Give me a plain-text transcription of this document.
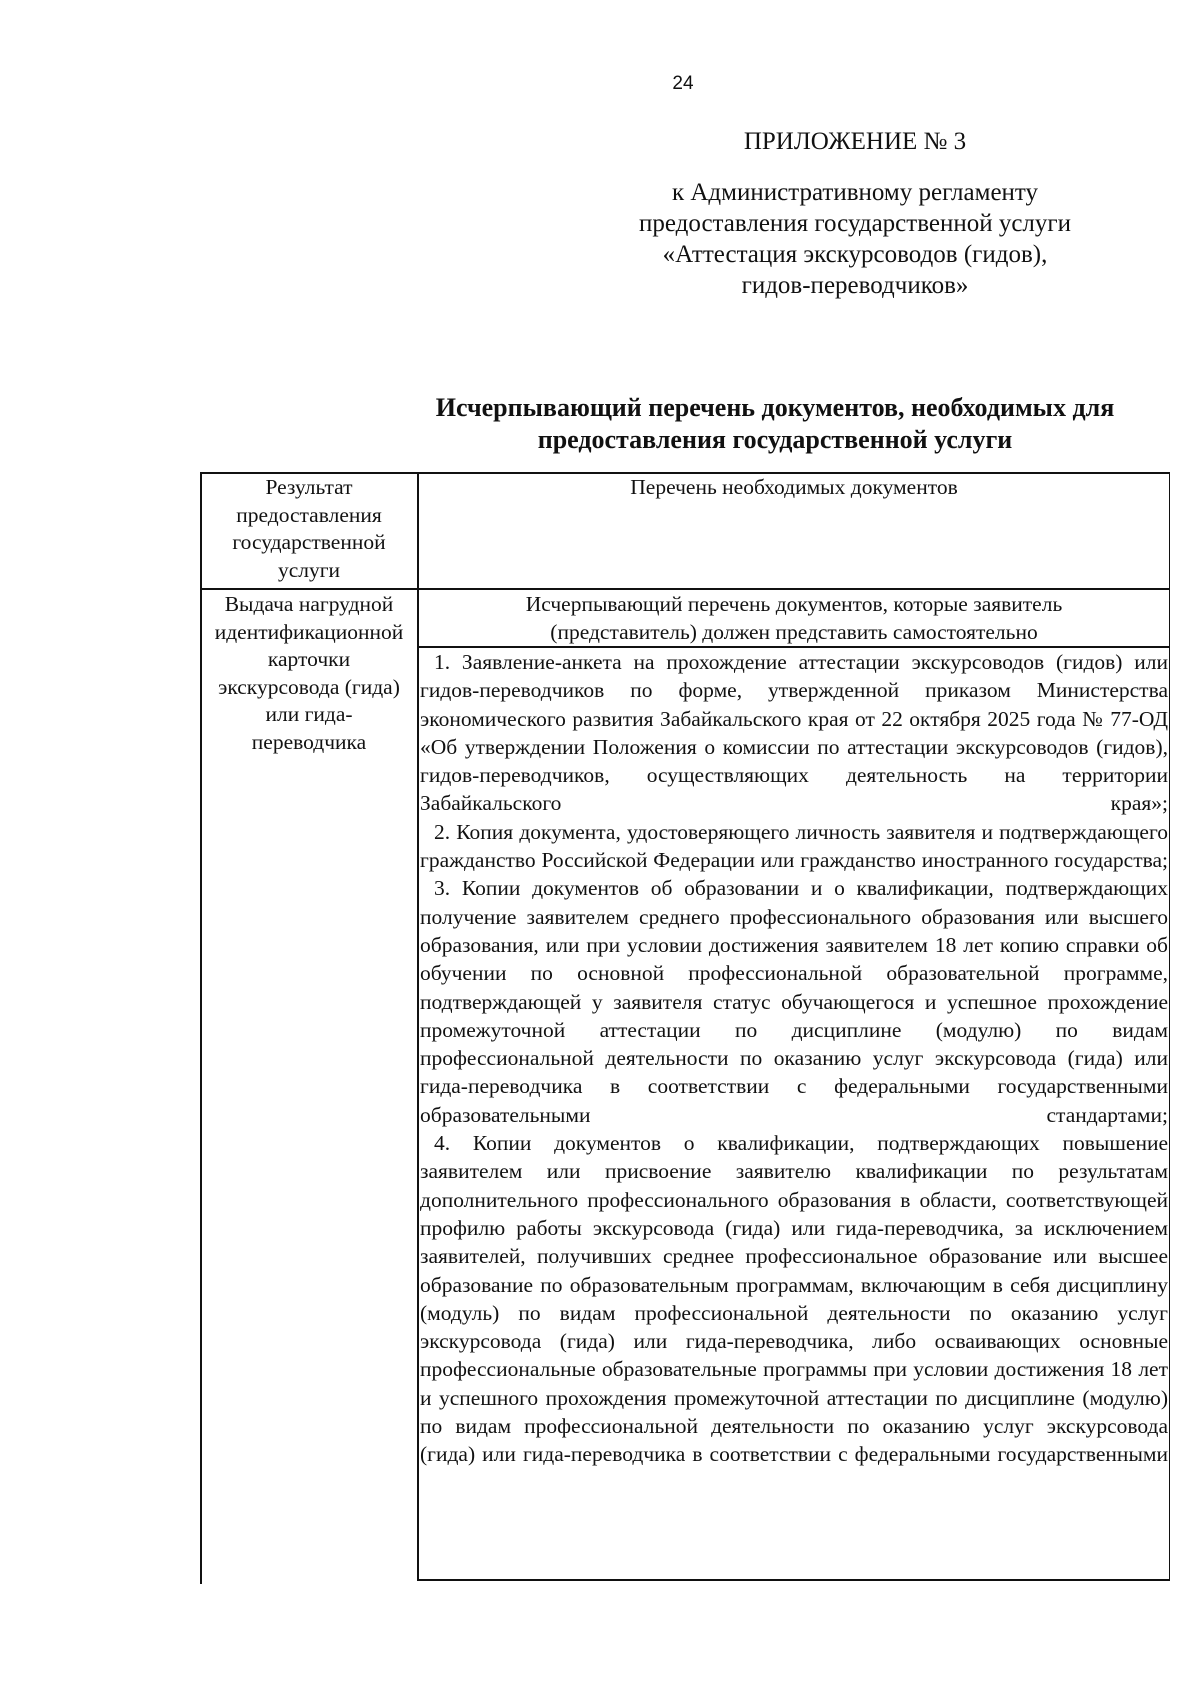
24
ПРИЛОЖЕНИЕ № 3
к Административному регламенту
предоставления государственной услуги
«Аттестация экскурсоводов (гидов),
гидов-переводчиков»
Исчерпывающий перечень документов, необходимых для
предоставления государственной услуги
Результат
предоставления
государственной
услуги
Перечень необходимых документов
Выдача нагрудной
идентификационной
карточки
экскурсовода (гида)
или гида-
переводчика
Исчерпывающий перечень документов, которые заявитель
(представитель) должен представить самостоятельно

1. Заявление-анкета на прохождение аттестации экскурсоводов (гидов) или гидов-переводчиков по форме, утвержденной приказом Министерства экономического развития Забайкальского края от 22 октября 2025 года № 77-ОД «Об утверждении Положения о комиссии по аттестации экскурсоводов (гидов), гидов-переводчиков, осуществляющих деятельность на территории Забайкальского края»;

2. Копия документа, удостоверяющего личность заявителя и подтверждающего гражданство Российской Федерации или гражданство иностранного государства;

3. Копии документов об образовании и о квалификации, подтверждающих получение заявителем среднего профессионального образования или высшего образования, или при условии достижения заявителем 18 лет копию справки об обучении по основной профессиональной образовательной программе, подтверждающей у заявителя статус обучающегося и успешное прохождение промежуточной аттестации по дисциплине (модулю) по видам профессиональной деятельности по оказанию услуг экскурсовода (гида) или гида-переводчика в соответствии с федеральными государственными образовательными стандартами;

4. Копии документов о квалификации, подтверждающих повышение заявителем или присвоение заявителю квалификации по результатам дополнительного профессионального образования в области, соответствующей профилю работы экскурсовода (гида) или гида-переводчика, за исключением заявителей, получивших среднее профессиональное образование или высшее образование по образовательным программам, включающим в себя дисциплину (модуль) по видам профессиональной деятельности по оказанию услуг экскурсовода (гида) или гида-переводчика, либо осваивающих основные профессиональные образовательные программы при условии достижения 18 лет и успешного прохождения промежуточной аттестации по дисциплине (модулю) по видам профессиональной деятельности по оказанию услуг экскурсовода (гида) или гида-переводчика в соответствии с федеральными государственными
